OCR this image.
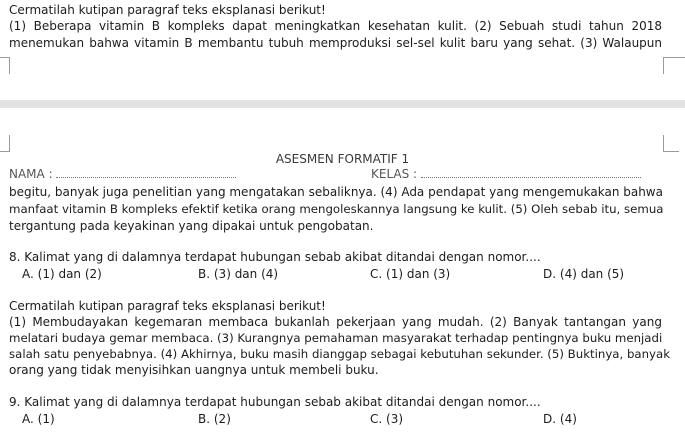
Cermatilah kutipan paragraf teks eksplanasi berikut!
(1) Beberapa vitamin B kompleks dapat meningkatkan kesehatan kulit. (2) Sebuah studi tahun 2018
menemukan bahwa vitamin B membantu tubuh memproduksi sel-sel kulit baru yang sehat. (3) Walaupun
ASESMEN FORMATIF 1
NAMA :	KELAS :
begitu, banyak juga penelitian yang mengatakan sebaliknya. (4) Ada pendapat yang mengemukakan bahwa
manfaat vitamin B kompleks efektif ketika orang mengoleskannya langsung ke kulit. (5) Oleh sebab itu, semua
tergantung pada keyakinan yang dipakai untuk pengobatan.
8. Kalimat yang di dalamnya terdapat hubungan sebab akibat ditandai dengan nomor....
A. (1) dan (2)	B. (3) dan (4)	C. (1) dan (3)	D. (4) dan (5)
Cermatilah kutipan paragraf teks eksplanasi berikut!
(1) Membudayakan kegemaran membaca bukanlah pekerjaan yang mudah. (2) Banyak tantangan yang
melatari budaya gemar membaca. (3) Kurangnya pemahaman masyarakat terhadap pentingnya buku menjadi
salah satu penyebabnya. (4) Akhirnya, buku masih dianggap sebagai kebutuhan sekunder. (5) Buktinya, banyak
orang yang tidak menyisihkan uangnya untuk membeli buku.
9. Kalimat yang di dalamnya terdapat hubungan sebab akibat ditandai dengan nomor....
A. (1)	B. (2)	C. (3)	D. (4)
